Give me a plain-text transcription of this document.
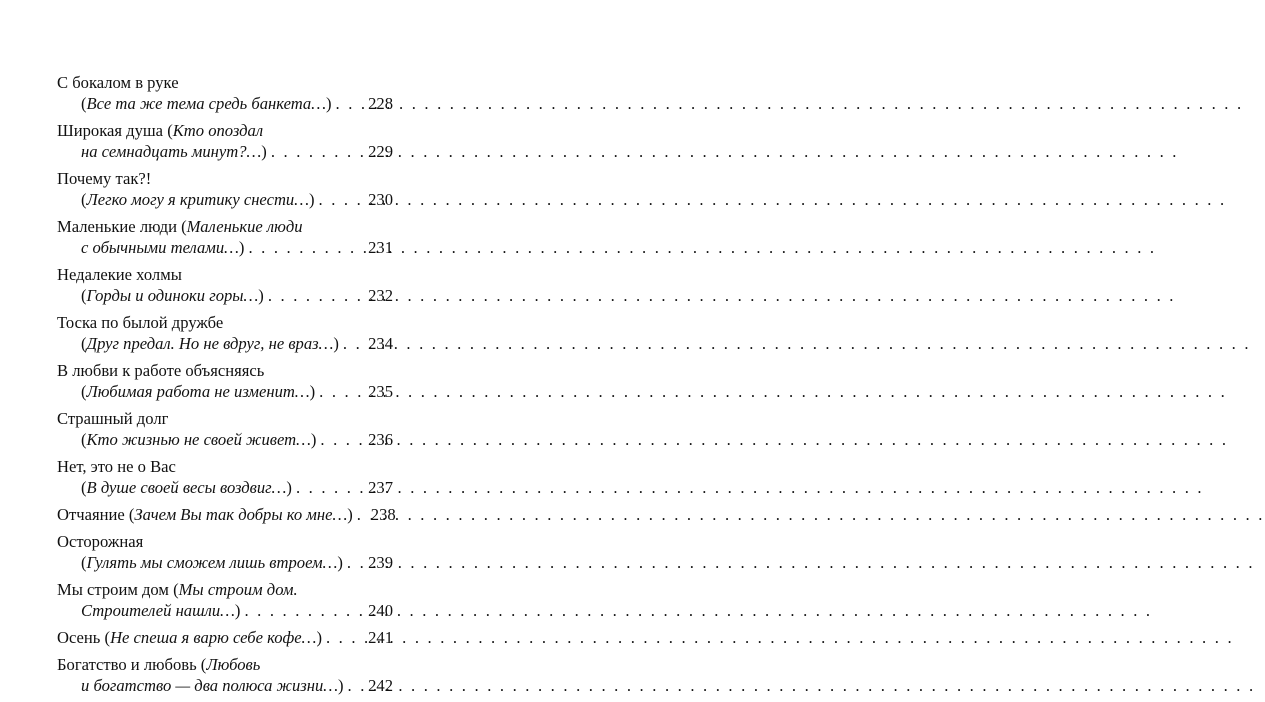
С бокалом в руке
(Все та же тема средь банкета…) . . . 228
Широкая душа (Кто опоздал
на семнадцать минут?…) . . .	229
Почему так?!
(Легко могу я критику снести…) . . .	230
Маленькие люди (Маленькие люди
с обычными телами…) . . .	231
Недалекие холмы
(Горды и одиноки горы…) . . .	232
Тоска по былой дружбе
(Друг предал. Но не вдруг, не враз…) . . . 234
В любви к работе объясняясь
(Любимая работа не изменит…) . . .	235
Страшный долг
(Кто жизнью не своей живет…) . . .	236
Нет, это не о Вас
(В душе своей весы воздвиг…) . . .	237
Отчаяние (Зачем Вы так добры ко мне…) . . . 238
Осторожная
(Гулять мы сможем лишь втроем…) . . . 239
Мы строим дом (Мы строим дом.
Строителей нашли…) . . .	240
Осень (Не спеша я варю себе кофе…) . . .	241
Богатство и любовь (Любовь
и богатство — два полюса жизни…) . . . 242
